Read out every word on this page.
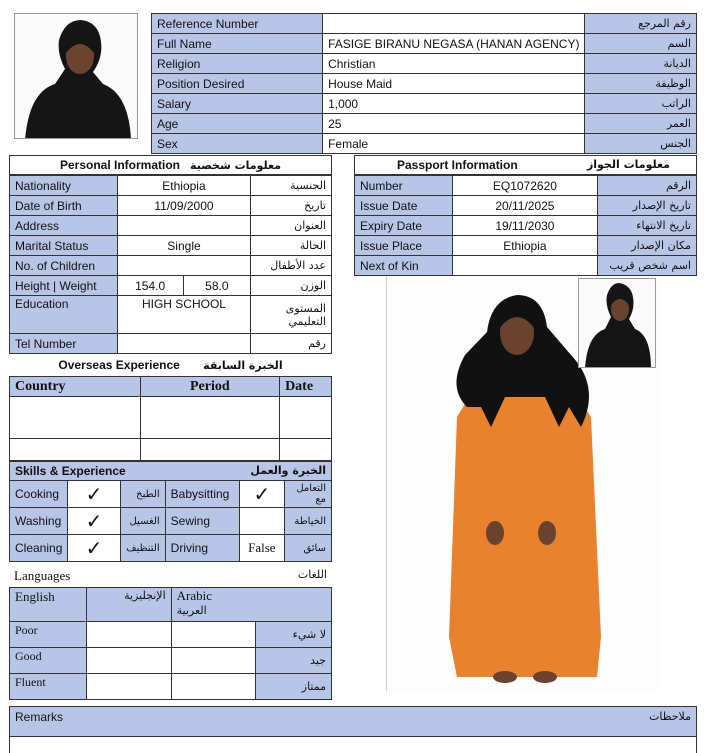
Reference Number		رقم المرجع
Full Name	FASIGE BIRANU NEGASA (HANAN AGENCY)	السم
Religion	Christian	الديانة
Position Desired	House Maid	الوظيفة
Salary	1,000	الراتب
Age	25	العمر
Sex	Female	الجنس
Personal Information معلومات شخصية
Nationality	Ethiopia		الجنسية
Date of Birth	11/09/2000		تاريخ
Address			العنوان
Marital Status	Single		الحالة
No. of Children			عدد الأطفال
Height | Weight	154.0	58.0	الوزن
Education	HIGH SCHOOL		المستوى التعليمي
Tel Number			رقم
Overseas Experience الخبرة السابقة
Country	Period	Date

Skills & Experience	الخبرة والعمل
Cooking	✓	الطبخ	Babysitting	✓	التعامل مع
Washing	✓	الغسيل	Sewing		الخياطة
Cleaning	✓	التنظيف	Driving	False	سائق
Languages	اللغات
English	الإنجليزية	Arabic
العربية	
Poor			لا شيء
Good			جيد
Fluent			ممتاز
Passport Information	معلومات الجواز
Number	EQ1072620	الرقم
Issue Date	20/11/2025	تاريخ الإصدار
Expiry Date	19/11/2030	تاريخ الانتهاء
Issue Place	Ethiopia	مكان الإصدار
Next of Kin		اسم شخص قريب
Remarks	ملاحظات
